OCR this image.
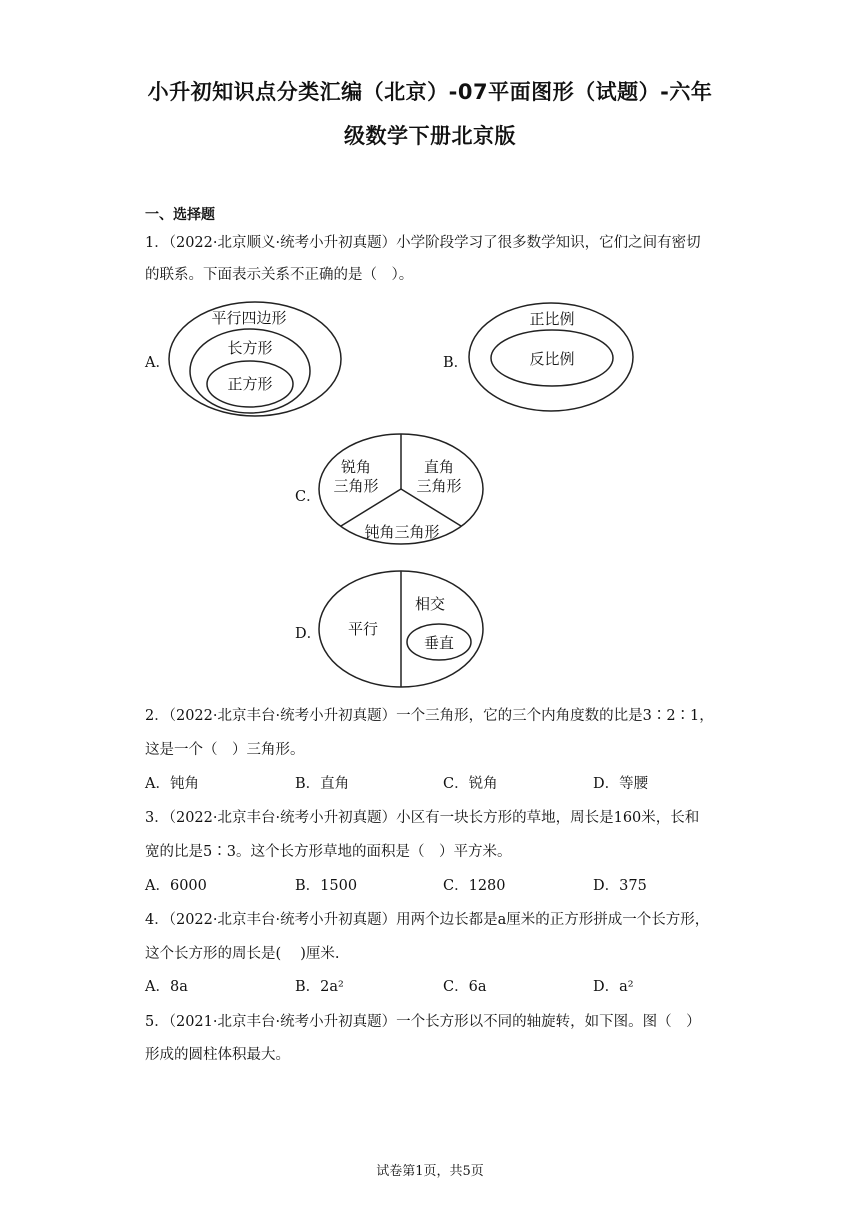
小升初知识点分类汇编（北京）-07平面图形（试题）-六年
级数学下册北京版
一、选择题
1．（2022·北京顺义·统考小升初真题）小学阶段学习了很多数学知识，它们之间有密切
的联系。下面表示关系不正确的是（　）。
A．
平行四边形
长方形
正方形
B．
正比例
反比例
C．
锐角
三角形
直角
三角形
钝角三角形
D． 平行
相交
垂直
2．（2022·北京丰台·统考小升初真题）一个三角形，它的三个内角度数的比是3∶2∶1，
这是一个（　）三角形。
A．钝角	B．直角	C．锐角	D．等腰
3．（2022·北京丰台·统考小升初真题）小区有一块长方形的草地，周长是160米，长和
宽的比是5∶3。这个长方形草地的面积是（　）平方米。
A．6000	B．1500	C．1280	D．375
4．（2022·北京丰台·统考小升初真题）用两个边长都是a厘米的正方形拼成一个长方形，
这个长方形的周长是(　 )厘米.
A．8a	B．2a²	C．6a	D．a²
5．（2021·北京丰台·统考小升初真题）一个长方形以不同的轴旋转，如下图。图（　）
形成的圆柱体积最大。
试卷第1页，共5页
